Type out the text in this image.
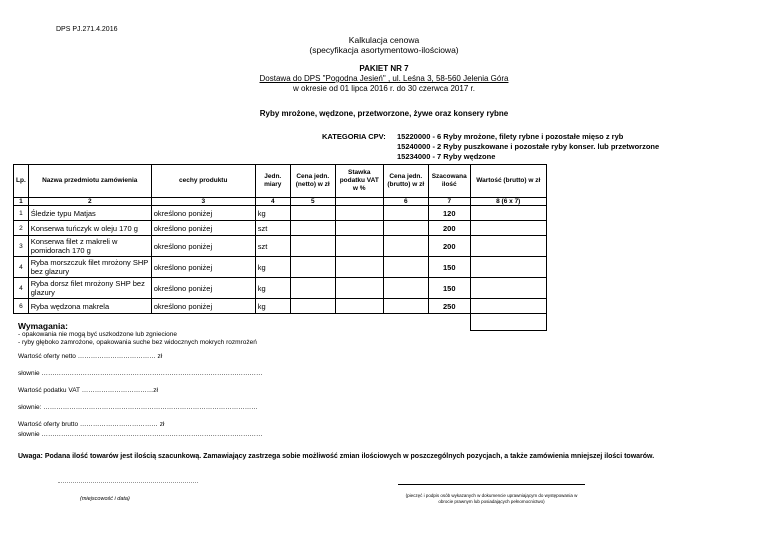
DPS PJ.271.4.2016
Kalkulacja cenowa
(specyfikacja asortymentowo-ilościowa)
PAKIET NR 7
Dostawa do DPS "Pogodna Jesień" , ul. Leśna 3, 58-560 Jelenia Góra
w okresie od 01 lipca 2016 r. do 30 czerwca 2017 r.
Ryby mrożone, wędzone, przetworzone, żywe oraz konsery rybne
KATEGORIA CPV: 15220000 - 6 Ryby mrożone, filety rybne i pozostałe mięso z ryb
15240000 - 2 Ryby puszkowane i pozostałe ryby konser. lub przetworzone
15234000 - 7 Ryby wędzone
Lp.	Nazwa przedmiotu zamówienia	cechy produktu	Jedn. miary	Cena jedn.(netto) w zł	Stawka podatku VAT w %	Cena jedn.(brutto) w zł	Szacowana ilość	Wartość (brutto) w zł
1	2	3	4	5		6	7	8 (6 x 7)
1	Śledzie typu Matjas	określono poniżej	kg				120	
2	Konserwa tuńczyk w oleju 170 g	określono poniżej	szt				200	
3	Konserwa filet z makreli w pomidorach 170 g	określono poniżej	szt				200	
4	Ryba morszczuk filet mrożony SHP bez glazury	określono poniżej	kg				150	
4	Ryba dorsz filet mrożony SHP bez glazury	określono poniżej	kg				150	
6	Ryba wędzona makrela	określono poniżej	kg				250	

Wymagania:
- opakowania nie mogą być uszkodzone lub zgniecione
- ryby głęboko zamrożone, opakowania suche bez widocznych mokrych rozmrożeń
Wartość oferty netto ……………………………… zł
słownie …………………………………………………………………………………………
Wartość podatku VAT ……………………………zł
słownie: ………………………………………………………………………………………
Wartość oferty brutto ……………………………… zł
słownie …………………………………………………………………………………………
Uwaga: Podana ilość towarów jest ilością szacunkową. Zamawiający zastrzega sobie możliwość zmian ilościowych w poszczególnych pozycjach, a także zamówienia mniejszej ilości towarów.
(miejscowość i data)
(pieczęć i podpis osób wykazanych w dokumencie uprawniającym do występowania w obrocie prawnym lub posiadających pełnomocnictwo)
